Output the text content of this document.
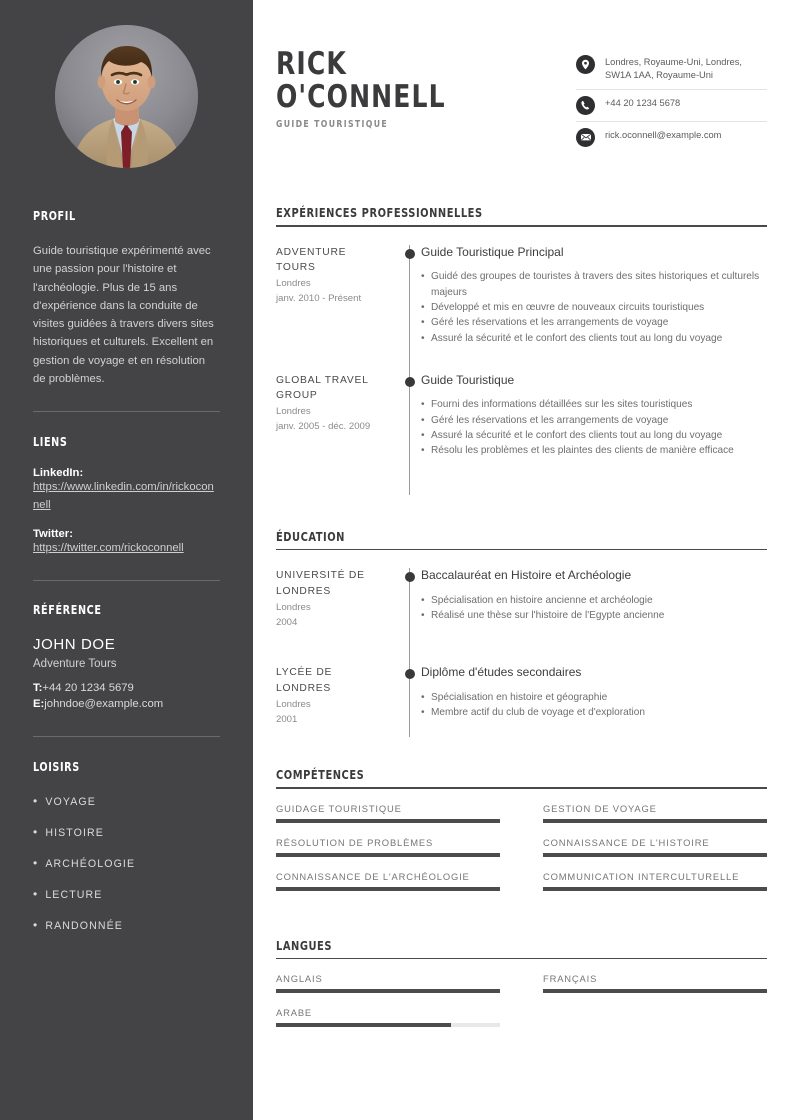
PROFIL
Guide touristique expérimenté avec une passion pour l'histoire et l'archéologie. Plus de 15 ans d'expérience dans la conduite de visites guidées à travers divers sites historiques et culturels. Excellent en gestion de voyage et en résolution de problèmes.
LIENS
LinkedIn:
https://www.linkedin.com/in/rickoconnell
Twitter:
https://twitter.com/rickoconnell
RÉFÉRENCE
JOHN DOE
Adventure Tours
T:+44 20 1234 5679
E:johndoe@example.com
LOISIRS
• VOYAGE
• HISTOIRE
• ARCHÉOLOGIE
• LECTURE
• RANDONNÉE
RICK
O'CONNELL
GUIDE TOURISTIQUE
Londres, Royaume-Uni, Londres, SW1A 1AA, Royaume-Uni
+44 20 1234 5678
rick.oconnell@example.com
EXPÉRIENCES PROFESSIONNELLES
ADVENTURE TOURS
Londres
janv. 2010 - Présent
Guide Touristique Principal
• Guidé des groupes de touristes à travers des sites historiques et culturels majeurs
• Développé et mis en œuvre de nouveaux circuits touristiques
• Géré les réservations et les arrangements de voyage
• Assuré la sécurité et le confort des clients tout au long du voyage
GLOBAL TRAVEL GROUP
Londres
janv. 2005 - déc. 2009
Guide Touristique
• Fourni des informations détaillées sur les sites touristiques
• Géré les réservations et les arrangements de voyage
• Assuré la sécurité et le confort des clients tout au long du voyage
• Résolu les problèmes et les plaintes des clients de manière efficace
ÉDUCATION
UNIVERSITÉ DE LONDRES
Londres
2004
Baccalauréat en Histoire et Archéologie
• Spécialisation en histoire ancienne et archéologie
• Réalisé une thèse sur l'histoire de l'Egypte ancienne
LYCÉE DE LONDRES
Londres
2001
Diplôme d'études secondaires
• Spécialisation en histoire et géographie
• Membre actif du club de voyage et d'exploration
COMPÉTENCES
GUIDAGE TOURISTIQUE	GESTION DE VOYAGE
RÉSOLUTION DE PROBLÈMES	CONNAISSANCE DE L'HISTOIRE
CONNAISSANCE DE L'ARCHÉOLOGIE	COMMUNICATION INTERCULTURELLE
LANGUES
ANGLAIS	FRANÇAIS
ARABE
